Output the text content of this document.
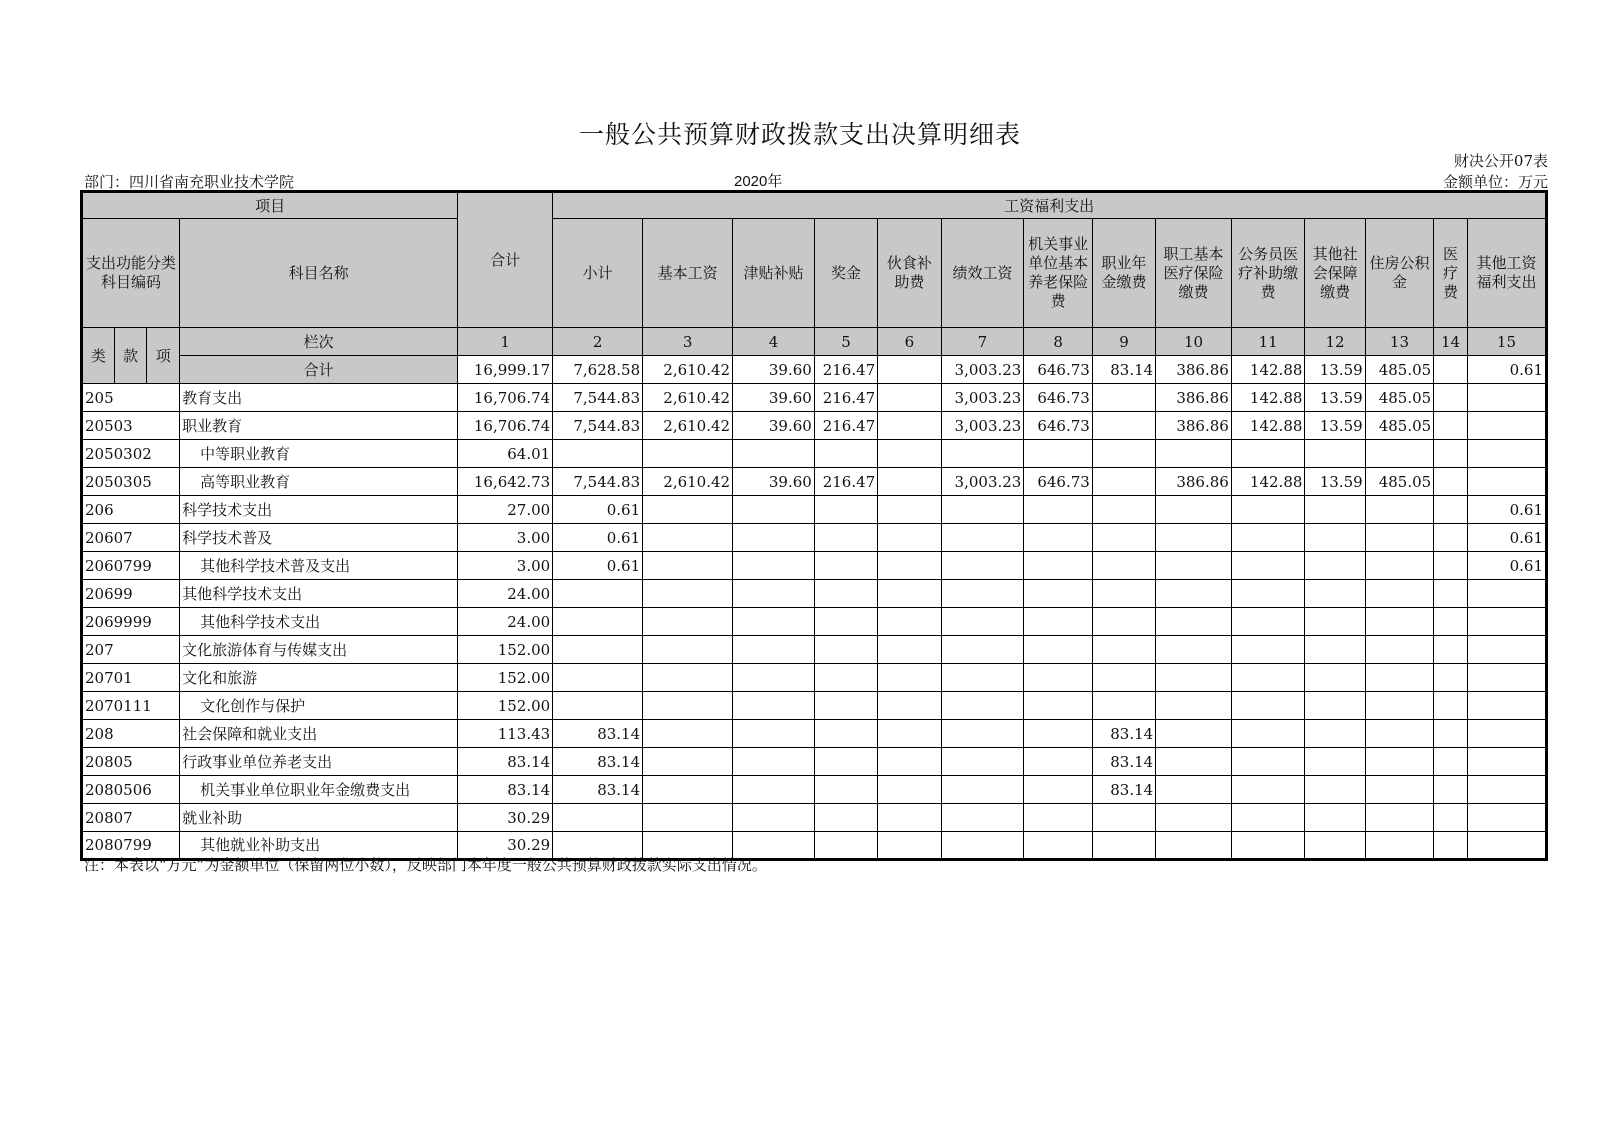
一般公共预算财政拨款支出决算明细表
财决公开07表
部门：四川省南充职业技术学院	2020年	金额单位：万元
项目				合计	工资福利支出													
支出功能分类科目编码			科目名称		小计	基本工资	津贴补贴	奖金	伙食补助费	绩效工资	机关事业单位基本养老保险费	职业年金缴费	职工基本医疗保险缴费	公务员医疗补助缴费	其他社会保障缴费	住房公积金	医疗费	其他工资福利支出
类	款	项	栏次	1	2	3	4	5	6	7	8	9	10	11	12	13	14	15
			合计	16,999.17	7,628.58	2,610.42	39.60	216.47		3,003.23	646.73	83.14	386.86	142.88	13.59	485.05		0.61
205			教育支出	16,706.74	7,544.83	2,610.42	39.60	216.47		3,003.23	646.73		386.86	142.88	13.59	485.05		
20503			职业教育	16,706.74	7,544.83	2,610.42	39.60	216.47		3,003.23	646.73		386.86	142.88	13.59	485.05		
2050302			中等职业教育	64.01														
2050305			高等职业教育	16,642.73	7,544.83	2,610.42	39.60	216.47		3,003.23	646.73		386.86	142.88	13.59	485.05		
206			科学技术支出	27.00	0.61													0.61
20607			科学技术普及	3.00	0.61													0.61
2060799			其他科学技术普及支出	3.00	0.61													0.61
20699			其他科学技术支出	24.00														
2069999			其他科学技术支出	24.00														
207			文化旅游体育与传媒支出	152.00														
20701			文化和旅游	152.00														
2070111			文化创作与保护	152.00														
208			社会保障和就业支出	113.43	83.14							83.14						
20805			行政事业单位养老支出	83.14	83.14							83.14						
2080506			机关事业单位职业年金缴费支出	83.14	83.14							83.14						
20807			就业补助	30.29														
2080799			其他就业补助支出	30.29														
注：本表以“万元”为金额单位（保留两位小数），反映部门本年度一般公共预算财政拨款实际支出情况。
